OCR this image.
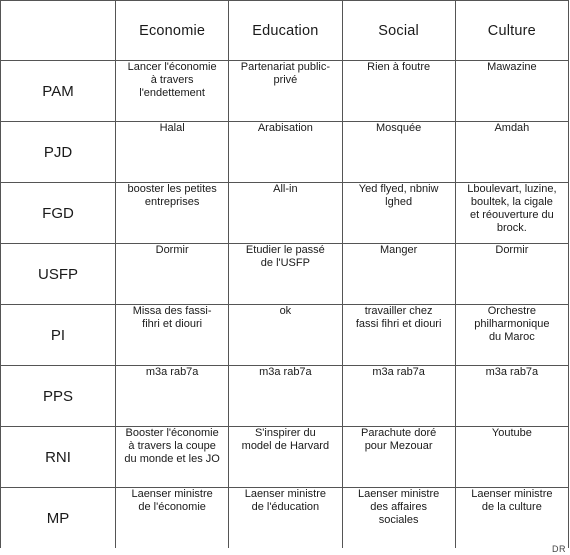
	Economie	Education	Social	Culture
PAM	Lancer l'économie
à travers
l'endettement	Partenariat public-
privé	Rien à foutre	Mawazine
PJD	Halal	Arabisation	Mosquée	Amdah
FGD	booster les petites
entreprises	All-in	Yed flyed, nbniw
lghed	Lboulevart, luzine,
boultek, la cigale
et réouverture du
brock.
USFP	Dormir	Etudier le passé
de l'USFP	Manger	Dormir
PI	Missa des fassi-
fihri et diouri	ok	travailler chez
fassi fihri et diouri	Orchestre
philharmonique
du Maroc
PPS	m3a rab7a	m3a rab7a	m3a rab7a	m3a rab7a
RNI	Booster l'économie
à travers la coupe
du monde et les JO	S'inspirer du
model de Harvard	Parachute doré
pour Mezouar	Youtube
MP	Laenser ministre
de l'économie	Laenser ministre
de l'éducation	Laenser ministre
des affaires
sociales	Laenser ministre
de la culture
DR
